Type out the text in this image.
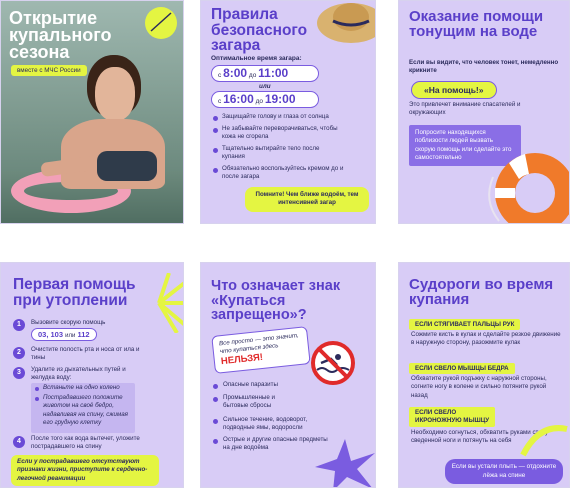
Открытие купального сезона
вместе с МЧС России
Правила безопасного загара
Оптимальное время загара:
с 8:00 до 11:00
или
с 16:00 до 19:00
Защищайте голову и глаза от солнца
Не забывайте переворачиваться, чтобы кожа не сгорела
Тщательно вытирайте тело после купания
Обязательно воспользуйтесь кремом до и после загара
Помните! Чем ближе водоём, тем интенсивней загар
Оказание помощи тонущим на воде
Если вы видите, что человек тонет, немедленно крикните
«На помощь!»
Это привлечет внимание спасателей и окружающих
Попросите находящихся поблизости людей вызвать скорую помощь или сделайте это самостоятельно
Первая помощь при утоплении
1	Вызовите скорую помощь
03, 103 или 112
2	Очистите полость рта и носа от ила и тины
3	Удалите из дыхательных путей и желудка воду:
Встаньте на одно колено
Пострадавшего положите животом на своё бедро, надавливая на спину, сжимая его грудную клетку
4	После того как вода вытечет, уложите пострадавшего на спину
Если у пострадавшего отсутствуют признаки жизни, приступите к сердечно-легочной реанимации
Что означает знак «Купаться запрещено»?
Все просто — это значит, что купаться здесь
НЕЛЬЗЯ!
Опасные паразиты
Промышленные и бытовые сбросы
Сильное течение, водоворот, подводные ямы, водоросли
Острые и другие опасные предметы на дне водоёма
Судороги во время купания
ЕСЛИ СТЯГИВАЕТ ПАЛЬЦЫ РУК
Сожмите кисть в кулак и сделайте резкое движение в наружную сторону, разожмите кулак
ЕСЛИ СВЕЛО МЫШЦЫ БЕДРА
Обхватите рукой подъжку с наружной стороны, согните ногу в колене и сильно потяните рукой назад
ЕСЛИ СВЕЛО
ИКРОНОЖНУЮ МЫШЦУ
Необходимо согнуться, обхватить руками стопу сведенной ноги и потянуть на себя
Если вы устали плыть — отдохните лёжа на спине
